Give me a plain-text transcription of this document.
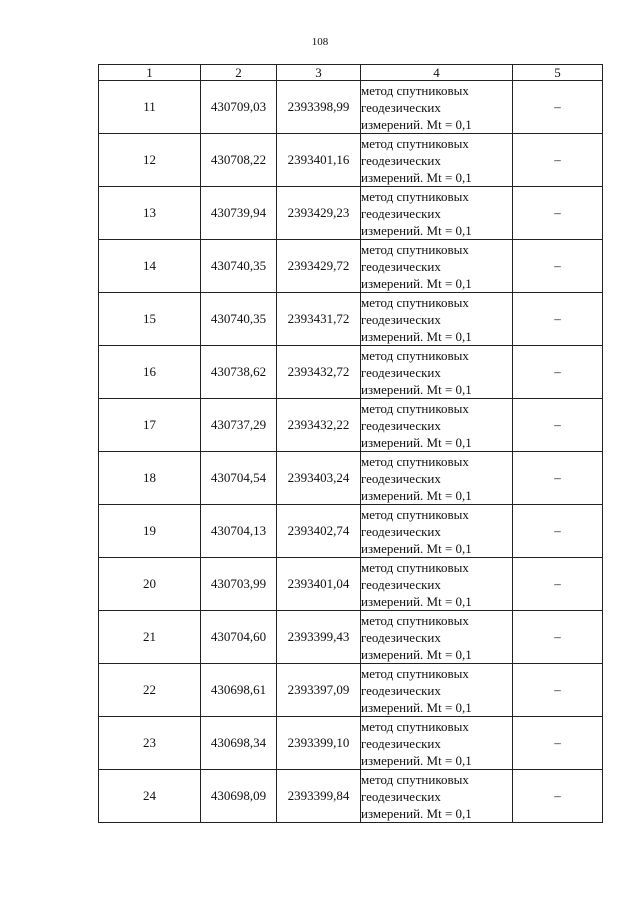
108
1	2	3	4	5
11	430709,03	2393398,99	метод спутниковых
геодезических
измерений. Mt = 0,1	–
12	430708,22	2393401,16	метод спутниковых
геодезических
измерений. Mt = 0,1	–
13	430739,94	2393429,23	метод спутниковых
геодезических
измерений. Mt = 0,1	–
14	430740,35	2393429,72	метод спутниковых
геодезических
измерений. Mt = 0,1	–
15	430740,35	2393431,72	метод спутниковых
геодезических
измерений. Mt = 0,1	–
16	430738,62	2393432,72	метод спутниковых
геодезических
измерений. Mt = 0,1	–
17	430737,29	2393432,22	метод спутниковых
геодезических
измерений. Mt = 0,1	–
18	430704,54	2393403,24	метод спутниковых
геодезических
измерений. Mt = 0,1	–
19	430704,13	2393402,74	метод спутниковых
геодезических
измерений. Mt = 0,1	–
20	430703,99	2393401,04	метод спутниковых
геодезических
измерений. Mt = 0,1	–
21	430704,60	2393399,43	метод спутниковых
геодезических
измерений. Mt = 0,1	–
22	430698,61	2393397,09	метод спутниковых
геодезических
измерений. Mt = 0,1	–
23	430698,34	2393399,10	метод спутниковых
геодезических
измерений. Mt = 0,1	–
24	430698,09	2393399,84	метод спутниковых
геодезических
измерений. Mt = 0,1	–
